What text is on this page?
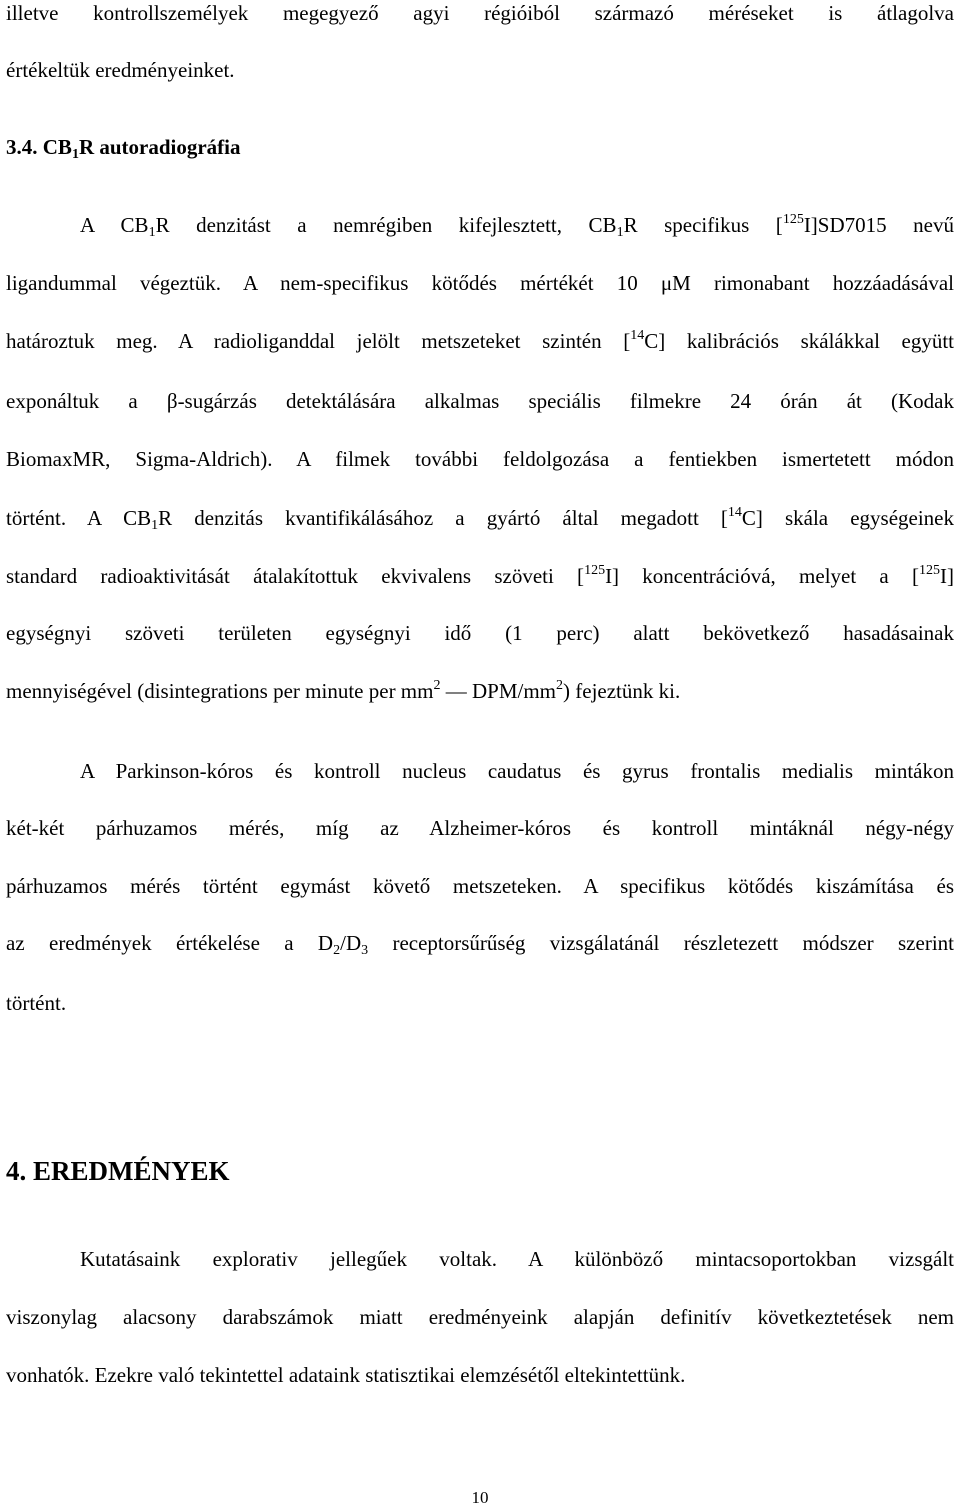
illetve kontrollszemélyek megegyező agyi régióiból származó méréseket is átlagolva
értékeltük eredményeinket.
3.4. $CB_1R$ autoradiográfia
A $CB_1R$ denzitást a nemrégiben kifejlesztett, $CB_1R$ specifikus [$^{125}$I]SD7015 nevű
ligandummal végeztük. A nem-specifikus kötődés mértékét 10 μM rimonabant hozzáadásával
határoztuk meg. A radioliganddal jelölt metszeteket szintén [$^{14}$C] kalibrációs skálákkal együtt
exponáltuk a β-sugárzás detektálására alkalmas speciális filmekre 24 órán át (Kodak
BiomaxMR, Sigma-Aldrich). A filmek további feldolgozása a fentiekben ismertetett módon
történt. A $CB_1R$ denzitás kvantifikálásához a gyártó által megadott [$^{14}$C] skála egységeinek
standard radioaktivitását átalakítottuk ekvivalens szöveti [$^{125}$I] koncentrációvá, melyet a [$^{125}$I]
egységnyi szöveti területen egységnyi idő (1 perc) alatt bekövetkező hasadásainak
mennyiségével (disintegrations per minute per $mm^2$ — DPM/$mm^2$) fejeztünk ki.
A Parkinson-kóros és kontroll nucleus caudatus és gyrus frontalis medialis mintákon
két-két párhuzamos mérés, míg az Alzheimer-kóros és kontroll mintáknál négy-négy
párhuzamos mérés történt egymást követő metszeteken. A specifikus kötődés kiszámítása és
az eredmények értékelése a $D_2/D_3$ receptorsűrűség vizsgálatánál részletezett módszer szerint
történt.
4. EREDMÉNYEK
Kutatásaink explorativ jellegűek voltak. A különböző mintacsoportokban vizsgált
viszonylag alacsony darabszámok miatt eredményeink alapján definitív következtetések nem
vonhatók. Ezekre való tekintettel adataink statisztikai elemzésétől eltekintettünk.
10
